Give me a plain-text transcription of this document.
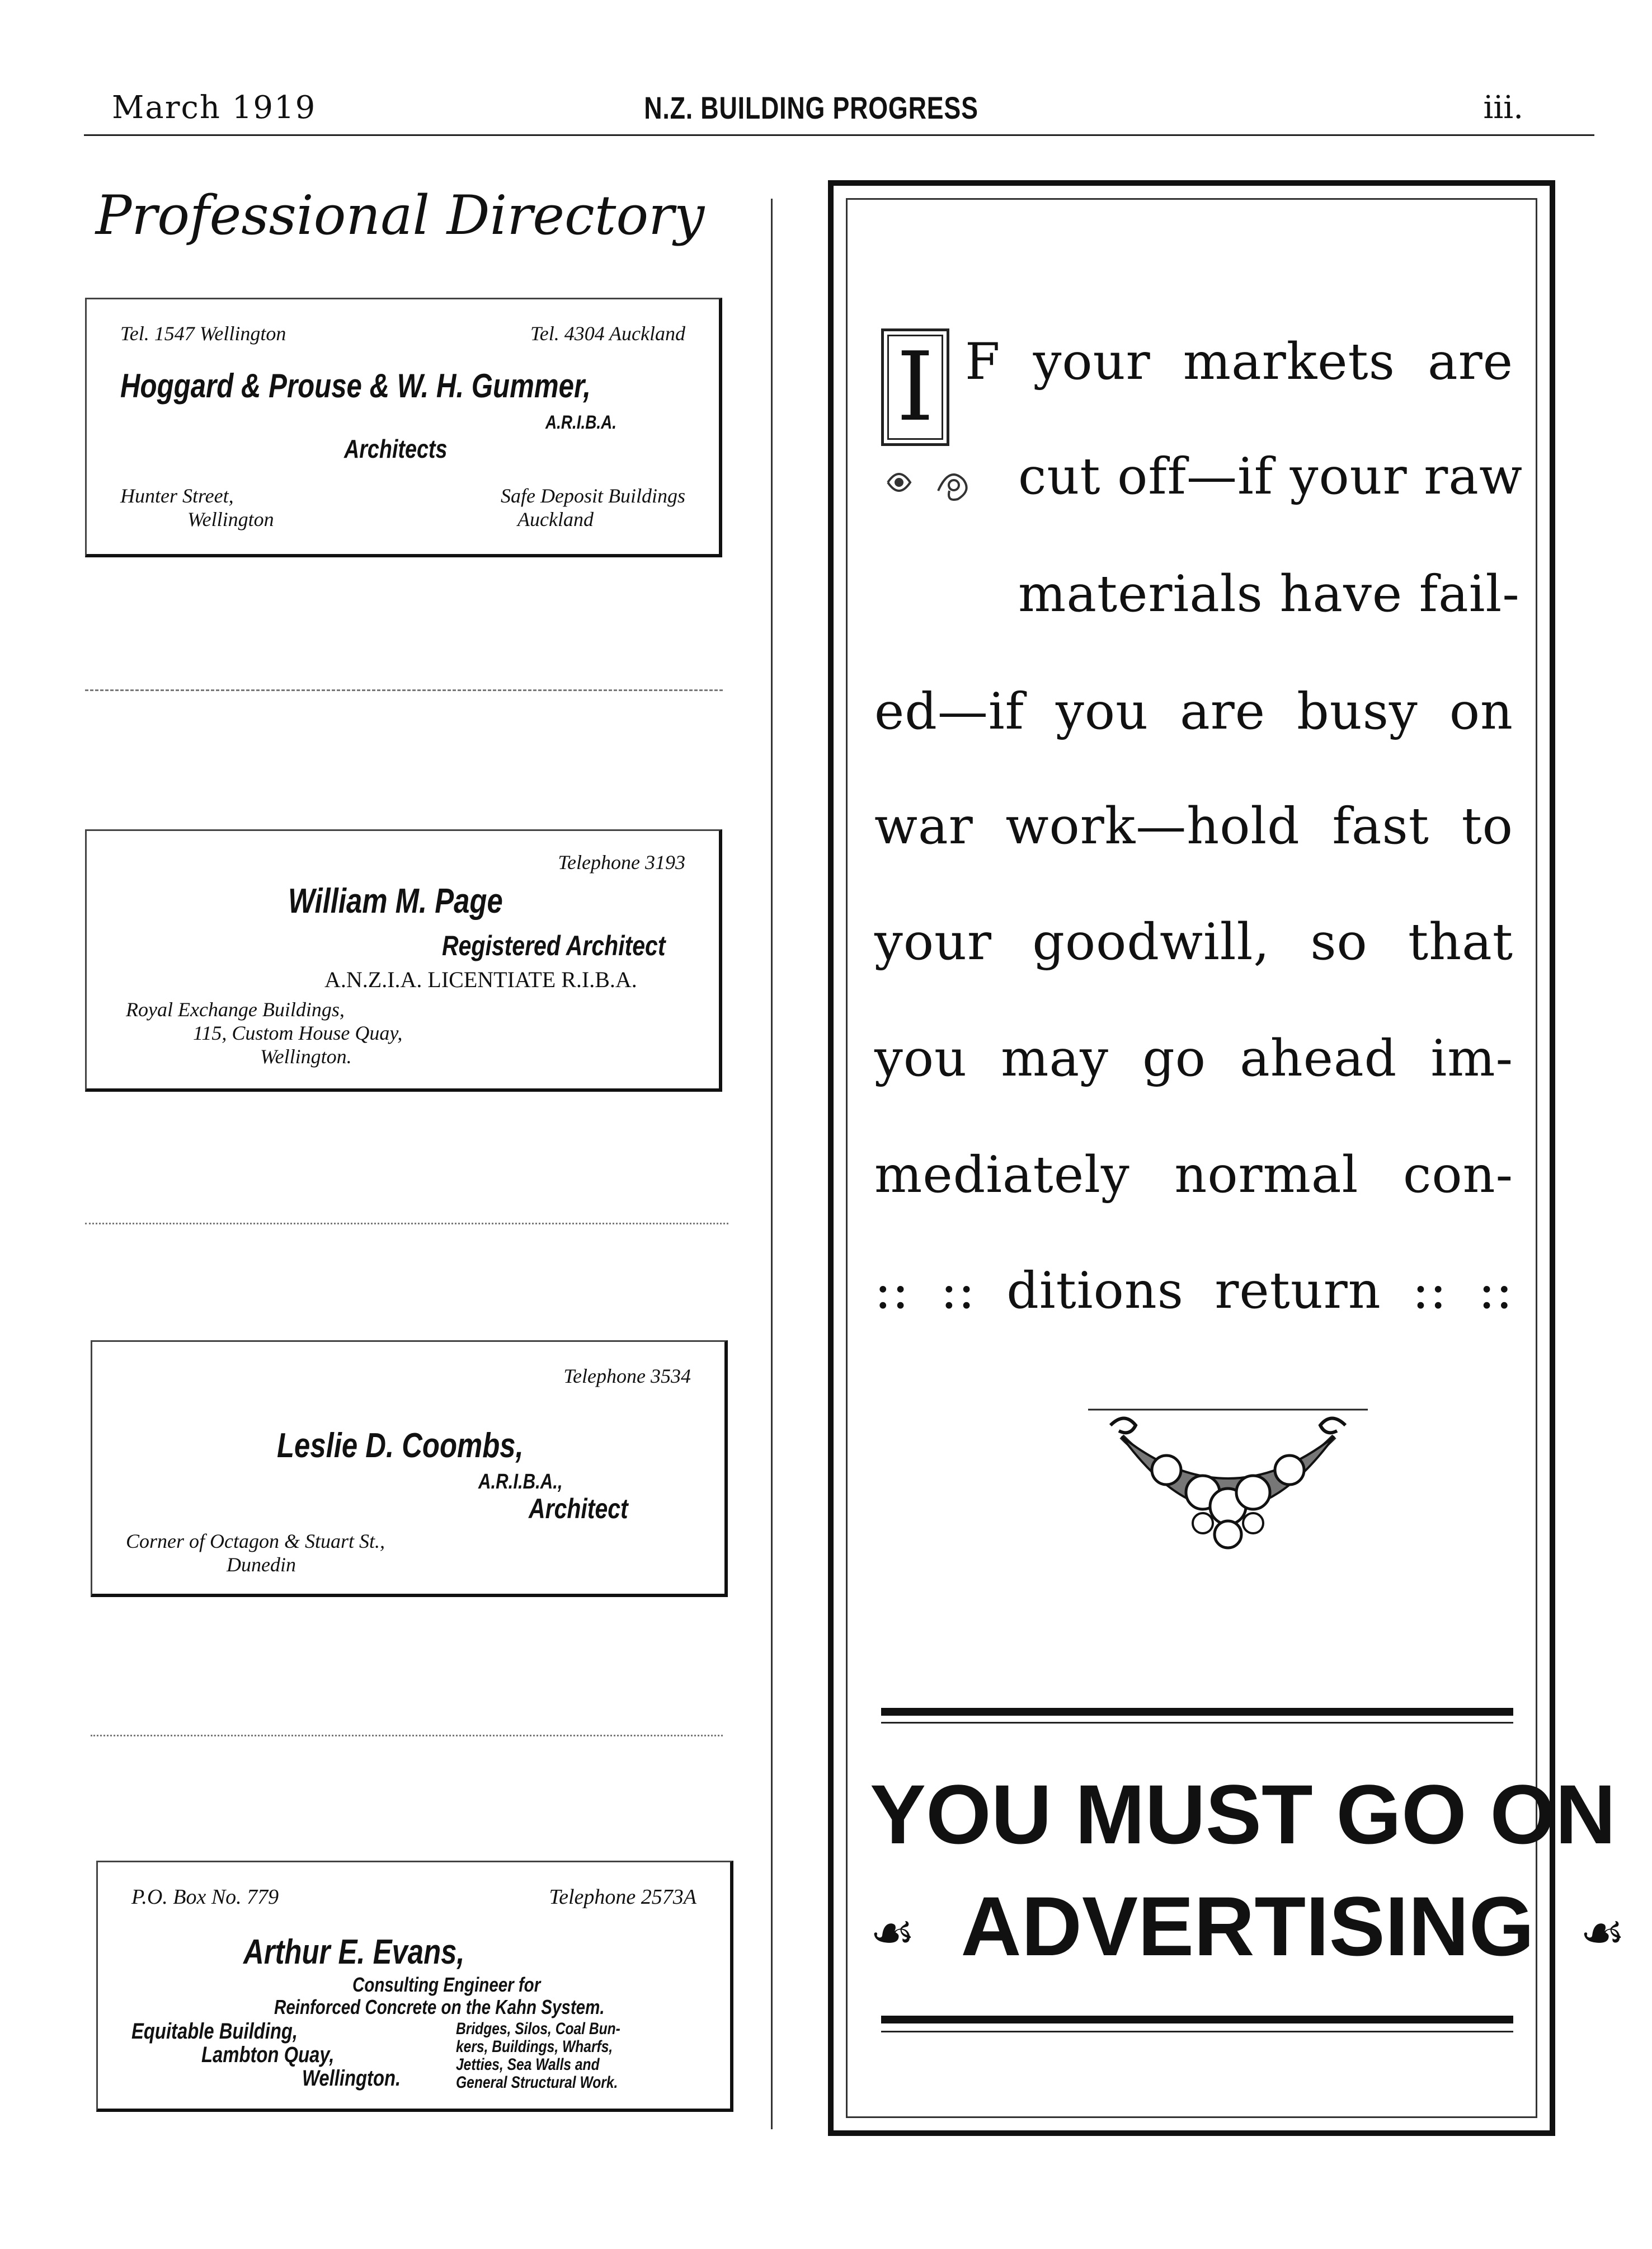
March 1919	N.Z. BUILDING PROGRESS	iii.
Professional Directory
Tel. 1547 Wellington	Tel. 4304 Auckland
Hoggard & Prouse & W. H. Gummer,
A.R.I.B.A.
Architects
Hunter Street,
Wellington
Safe Deposit Buildings
Auckland
Telephone 3193
William M. Page
Registered Architect
A.N.Z.I.A. LICENTIATE R.I.B.A.
Royal Exchange Buildings,
115, Custom House Quay,
Wellington.
Telephone 3534
Leslie D. Coombs,
A.R.I.B.A.,
Architect
Corner of Octagon & Stuart St.,
Dunedin
P.O. Box No. 779	Telephone 2573A
Arthur E. Evans,
Consulting Engineer for
Reinforced Concrete on the Kahn System.
Equitable Building,
Lambton Quay,
Wellington.
Bridges, Silos, Coal Bun-
kers, Buildings, Wharfs,
Jetties, Sea Walls and
General Structural Work.
I F your markets are
cut off—if your raw
materials have fail-
ed—if you are busy on
war work—hold fast to
your goodwill, so that
you may go ahead im-
mediately normal con-
:: :: ditions return :: ::
YOU MUST GO ON
☙ ADVERTISING ☙
